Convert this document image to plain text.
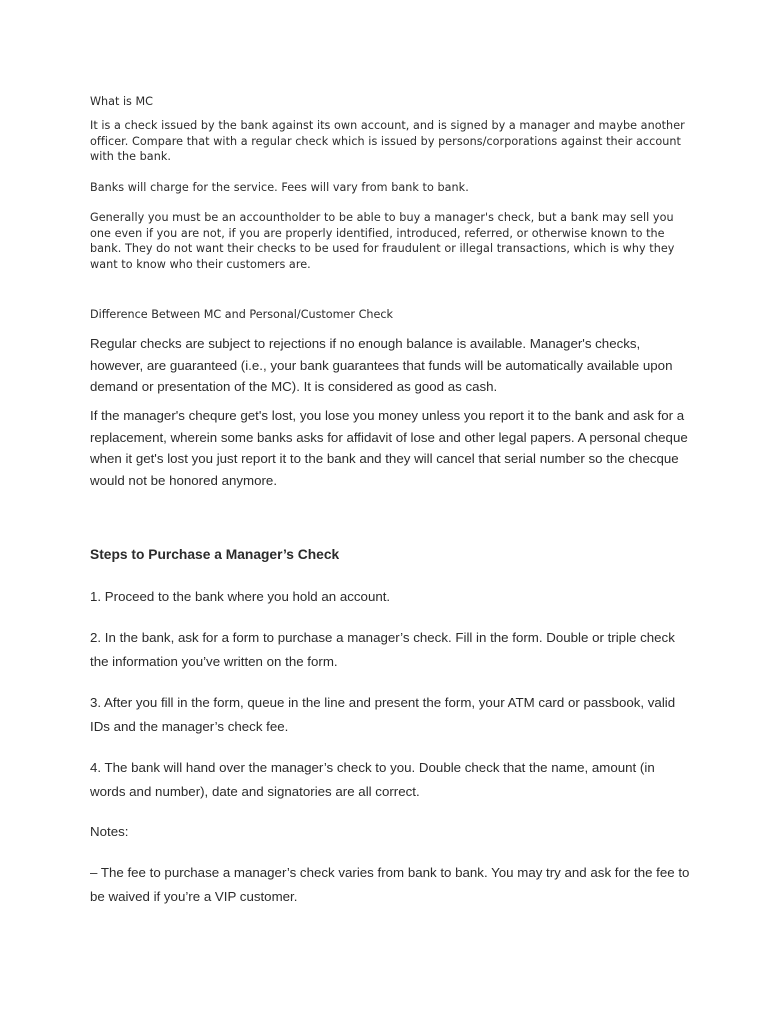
What is MC
It is a check issued by the bank against its own account, and is signed by a manager and maybe another officer. Compare that with a regular check which is issued by persons/corporations against their account with the bank.
Banks will charge for the service. Fees will vary from bank to bank.
Generally you must be an accountholder to be able to buy a manager's check, but a bank may sell you one even if you are not, if you are properly identified, introduced, referred, or otherwise known to the bank. They do not want their checks to be used for fraudulent or illegal transactions, which is why they want to know who their customers are.
Difference Between MC and Personal/Customer Check
Regular checks are subject to rejections if no enough balance is available. Manager's checks, however, are guaranteed (i.e., your bank guarantees that funds will be automatically available upon demand or presentation of the MC). It is considered as good as cash.
If the manager's chequre get's lost, you lose you money unless you report it to the bank and ask for a replacement, wherein some banks asks for affidavit of lose and other legal papers. A personal cheque when it get's lost you just report it to the bank and they will cancel that serial number so the checque would not be honored anymore.
Steps to Purchase a Manager’s Check
1. Proceed to the bank where you hold an account.
2. In the bank, ask for a form to purchase a manager’s check. Fill in the form. Double or triple check the information you’ve written on the form.
3. After you fill in the form, queue in the line and present the form, your ATM card or passbook, valid IDs and the manager’s check fee.
4. The bank will hand over the manager’s check to you. Double check that the name, amount (in words and number), date and signatories are all correct.
Notes:
– The fee to purchase a manager’s check varies from bank to bank. You may try and ask for the fee to be waived if you’re a VIP customer.
